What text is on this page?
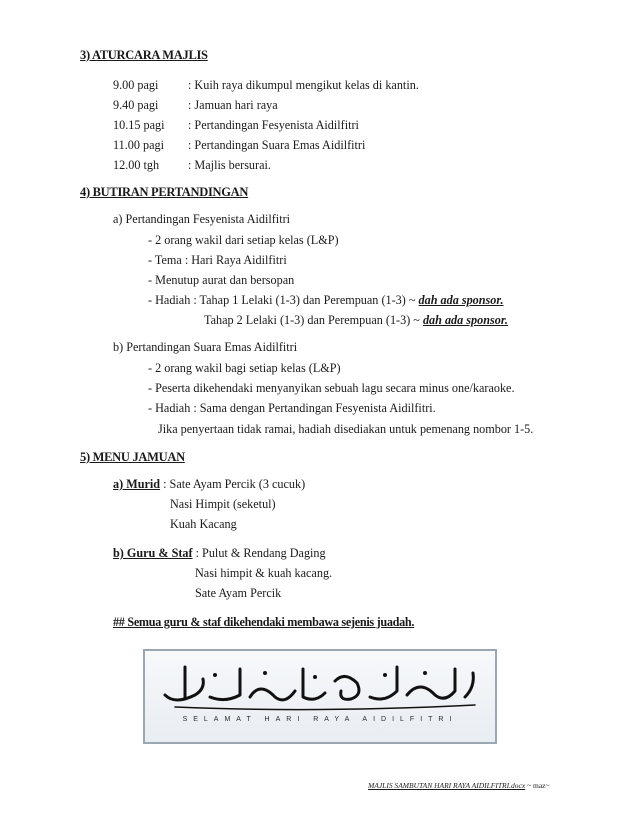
3) ATURCARA MAJLIS
9.00 pagi : Kuih raya dikumpul mengikut kelas di kantin.
9.40 pagi : Jamuan hari raya
10.15 pagi : Pertandingan Fesyenista Aidilfitri
11.00 pagi : Pertandingan Suara Emas Aidilfitri
12.00 tgh : Majlis bersurai.
4) BUTIRAN PERTANDINGAN
a) Pertandingan Fesyenista Aidilfitri
- 2 orang wakil dari setiap kelas (L&P)
- Tema : Hari Raya Aidilfitri
- Menutup aurat dan bersopan
- Hadiah : Tahap 1 Lelaki (1-3) dan Perempuan (1-3) ~ dah ada sponsor.
Tahap 2 Lelaki (1-3) dan Perempuan (1-3) ~ dah ada sponsor.
b) Pertandingan Suara Emas Aidilfitri
- 2 orang wakil bagi setiap kelas (L&P)
- Peserta dikehendaki menyanyikan sebuah lagu secara minus one/karaoke.
- Hadiah : Sama dengan Pertandingan Fesyenista Aidilfitri.
Jika penyertaan tidak ramai, hadiah disediakan untuk pemenang nombor 1-5.
5) MENU JAMUAN
a) Murid : Sate Ayam Percik (3 cucuk)
Nasi Himpit (seketul)
Kuah Kacang
b) Guru & Staf : Pulut & Rendang Daging
Nasi himpit & kuah kacang.
Sate Ayam Percik
## Semua guru & staf dikehendaki membawa sejenis juadah.
SELAMAT HARI RAYA AIDILFITRI
MAJLIS SAMBUTAN HARI RAYA AIDILFITRI.docx ~ maz~
